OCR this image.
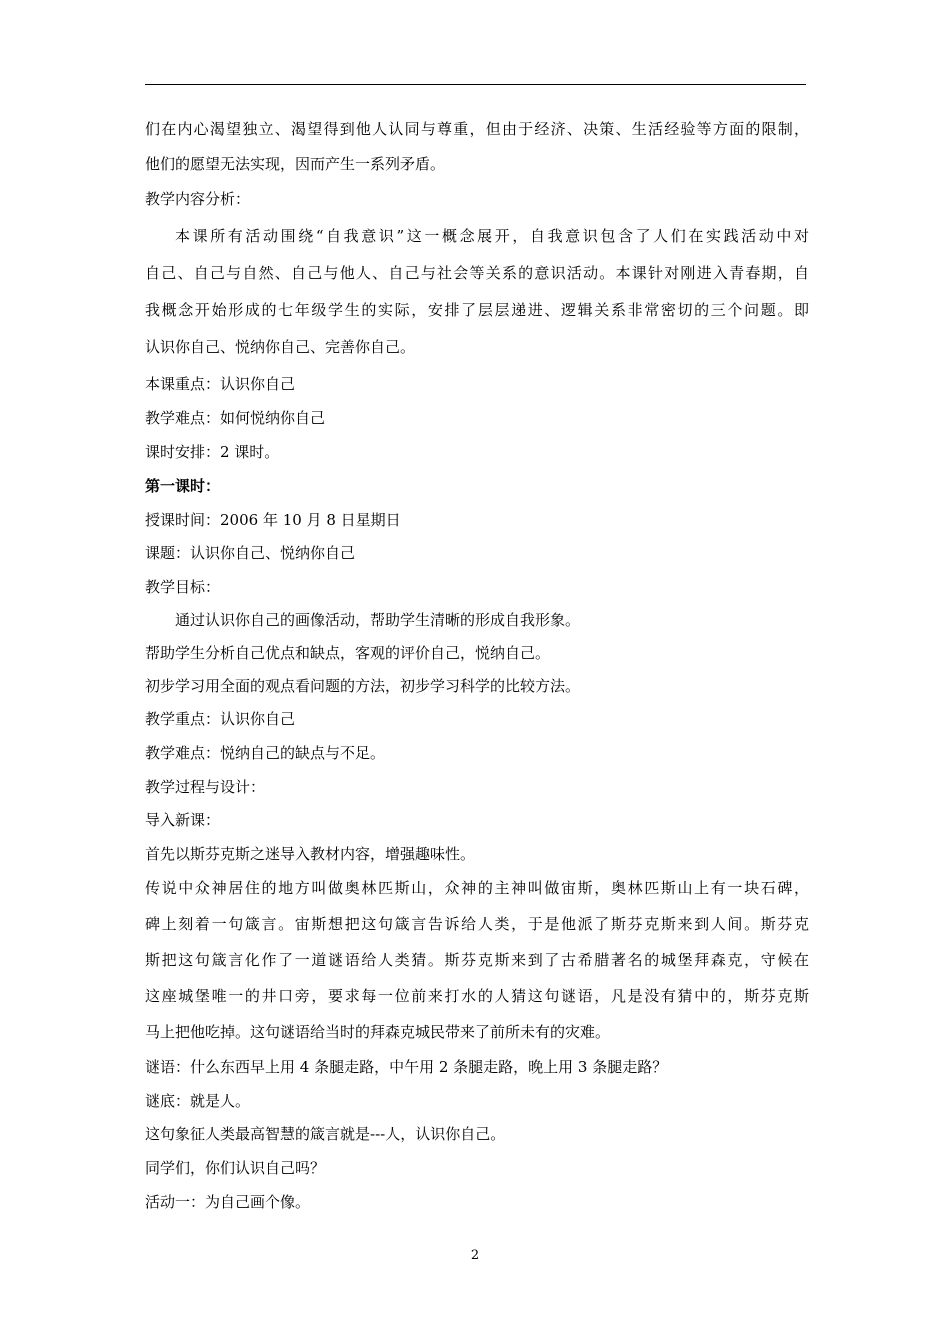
们在内心渴望独立、渴望得到他人认同与尊重，但由于经济、决策、生活经验等方面的限制，
他们的愿望无法实现，因而产生一系列矛盾。
教学内容分析：
本课所有活动围绕“自我意识”这一概念展开，自我意识包含了人们在实践活动中对
自己、自己与自然、自己与他人、自己与社会等关系的意识活动。本课针对刚进入青春期，自
我概念开始形成的七年级学生的实际，安排了层层递进、逻辑关系非常密切的三个问题。即
认识你自己、悦纳你自己、完善你自己。
本课重点：认识你自己
教学难点：如何悦纳你自己
课时安排：2 课时。
第一课时：
授课时间：2006 年 10 月 8 日星期日
课题：认识你自己、悦纳你自己
教学目标：
通过认识你自己的画像活动，帮助学生清晰的形成自我形象。
帮助学生分析自己优点和缺点，客观的评价自己，悦纳自己。
初步学习用全面的观点看问题的方法，初步学习科学的比较方法。
教学重点：认识你自己
教学难点：悦纳自己的缺点与不足。
教学过程与设计：
导入新课：
首先以斯芬克斯之迷导入教材内容，增强趣味性。
传说中众神居住的地方叫做奥林匹斯山，众神的主神叫做宙斯，奥林匹斯山上有一块石碑，
碑上刻着一句箴言。宙斯想把这句箴言告诉给人类，于是他派了斯芬克斯来到人间。斯芬克
斯把这句箴言化作了一道谜语给人类猜。斯芬克斯来到了古希腊著名的城堡拜森克，守候在
这座城堡唯一的井口旁，要求每一位前来打水的人猜这句谜语，凡是没有猜中的，斯芬克斯
马上把他吃掉。这句谜语给当时的拜森克城民带来了前所未有的灾难。
谜语：什么东西早上用 4 条腿走路，中午用 2 条腿走路，晚上用 3 条腿走路？
谜底：就是人。
这句象征人类最高智慧的箴言就是---人，认识你自己。
同学们，你们认识自己吗？
活动一：为自己画个像。
2
